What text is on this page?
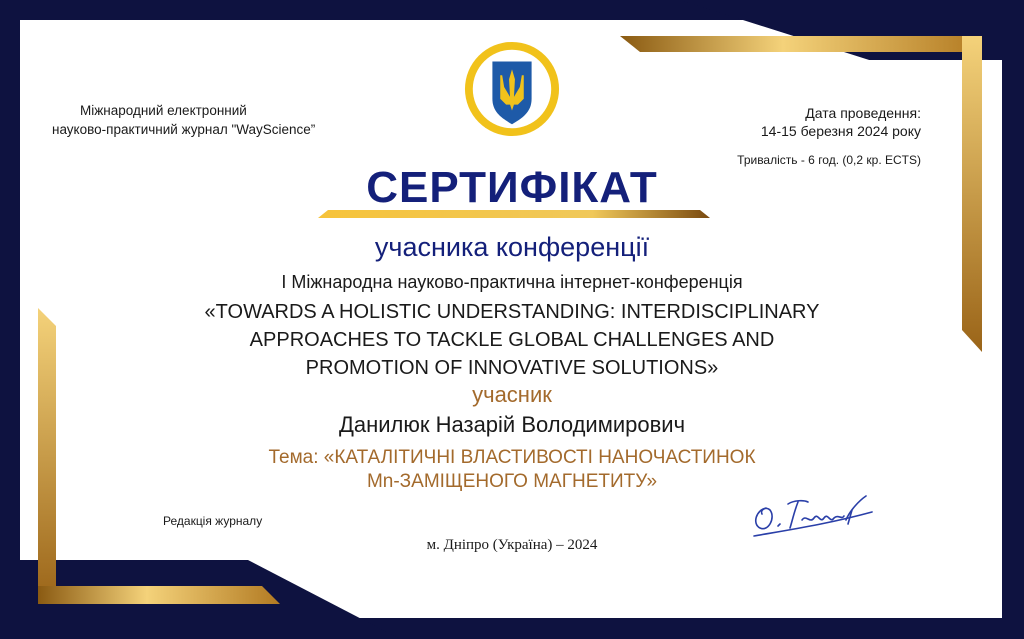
Міжнародний електронний

науково-практичний журнал "WayScience”

Дата проведення:

14-15 березня 2024 року

Тривалість - 6 год. (0,2 кр. ECTS)

СЕРТИФІКАТ

учасника конференції

I Міжнародна науково-практична інтернет-конференція

«TOWARDS A HOLISTIC UNDERSTANDING: INTERDISCIPLINARY

APPROACHES TO TACKLE GLOBAL CHALLENGES AND

PROMOTION OF INNOVATIVE SOLUTIONS»

учасник

Данилюк Назарій Володимирович

Тема: «КАТАЛІТИЧНІ ВЛАСТИВОСТІ НАНОЧАСТИНОК

Mn-ЗАМІЩЕНОГО МАГНЕТИТУ»

Редакція журналу

м. Дніпро (Україна) – 2024
